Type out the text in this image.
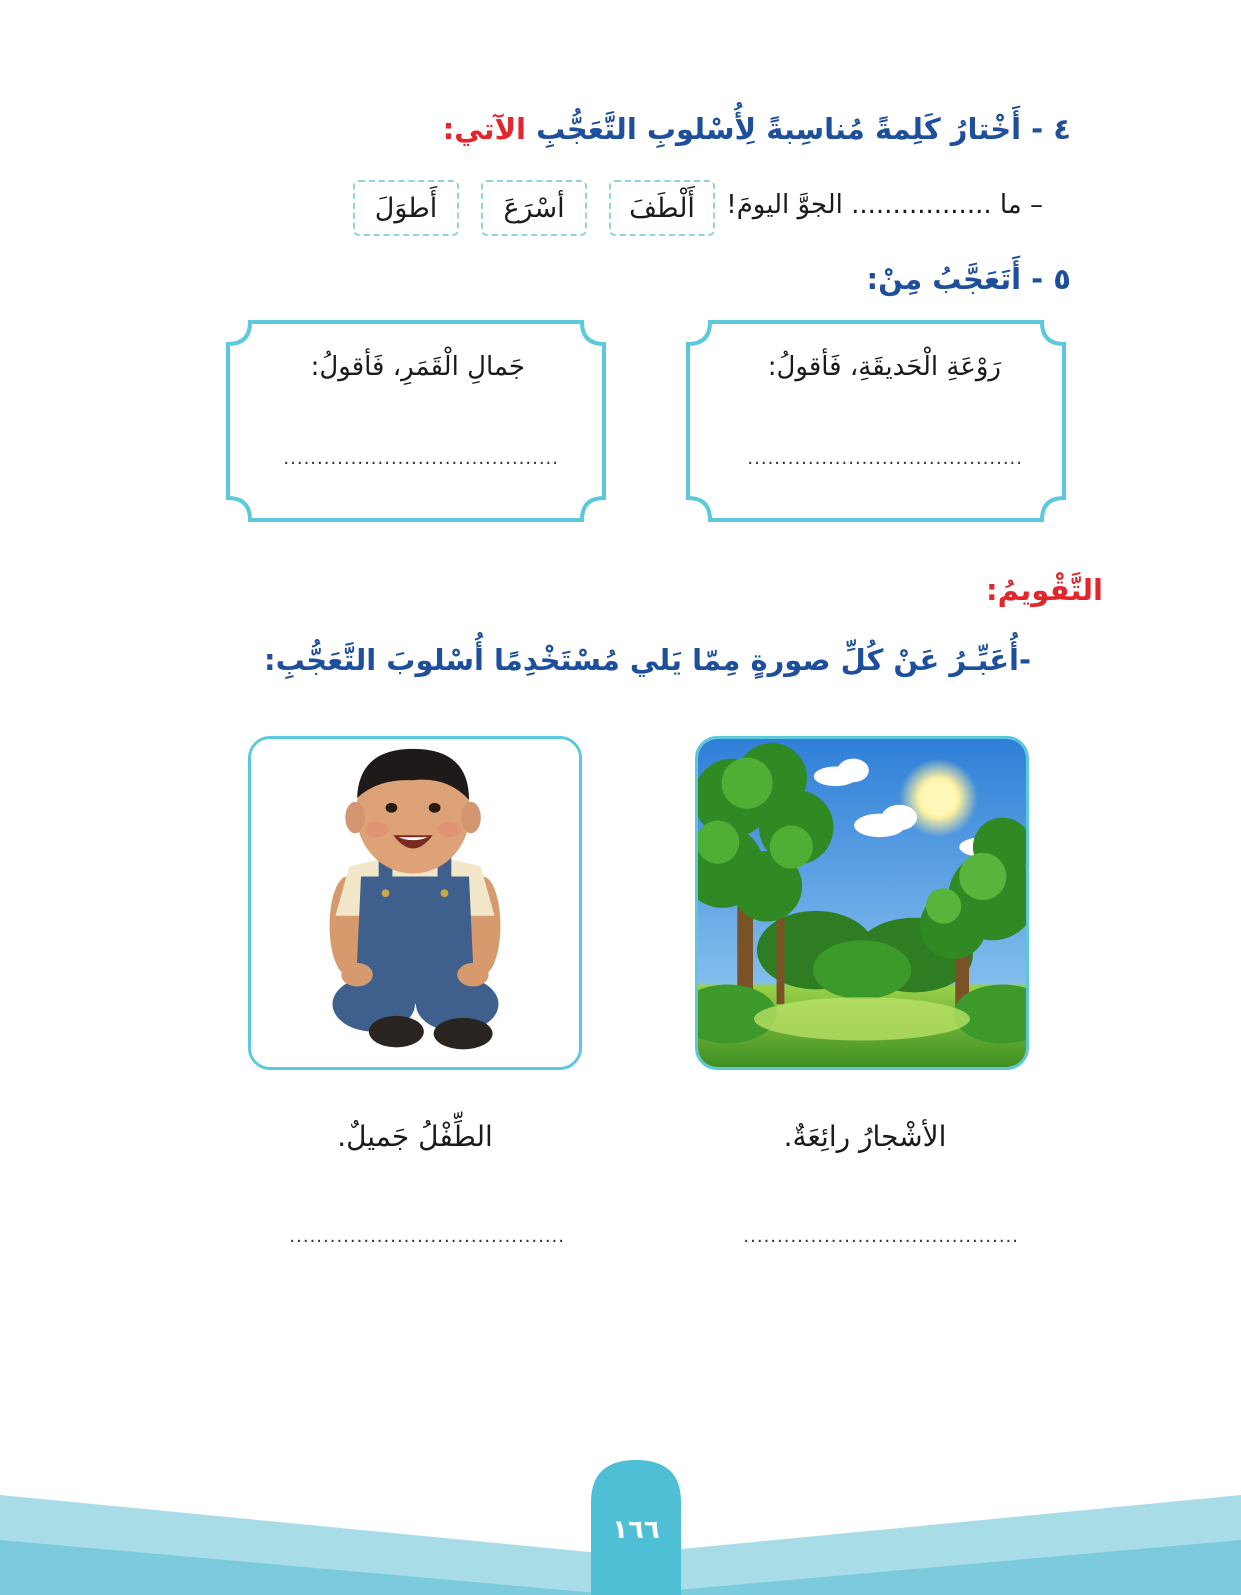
٤ - أَخْتارُ كَلِمةً مُناسِبةً لِأُسْلوبِ التَّعَجُّبِ الآتي:
– ما ................. الجوَّ اليومَ!
أَلْطَفَ
أسْرَعَ
أَطوَلَ
٥ - أَتَعَجَّبُ مِنْ:
رَوْعَةِ الْحَديقَةِ، فَأقولُ:
.........................................
جَمالِ الْقَمَرِ، فَأقولُ:
.........................................
التَّقْويمُ:
-أُعَبِّـرُ عَنْ كُلِّ صورةٍ مِمّا يَلي مُسْتَخْدِمًا أُسْلوبَ التَّعَجُّبِ:
الأشْجارُ رائِعَةٌ.
الطِّفْلُ جَميلٌ.
.........................................
.........................................
١٦٦
